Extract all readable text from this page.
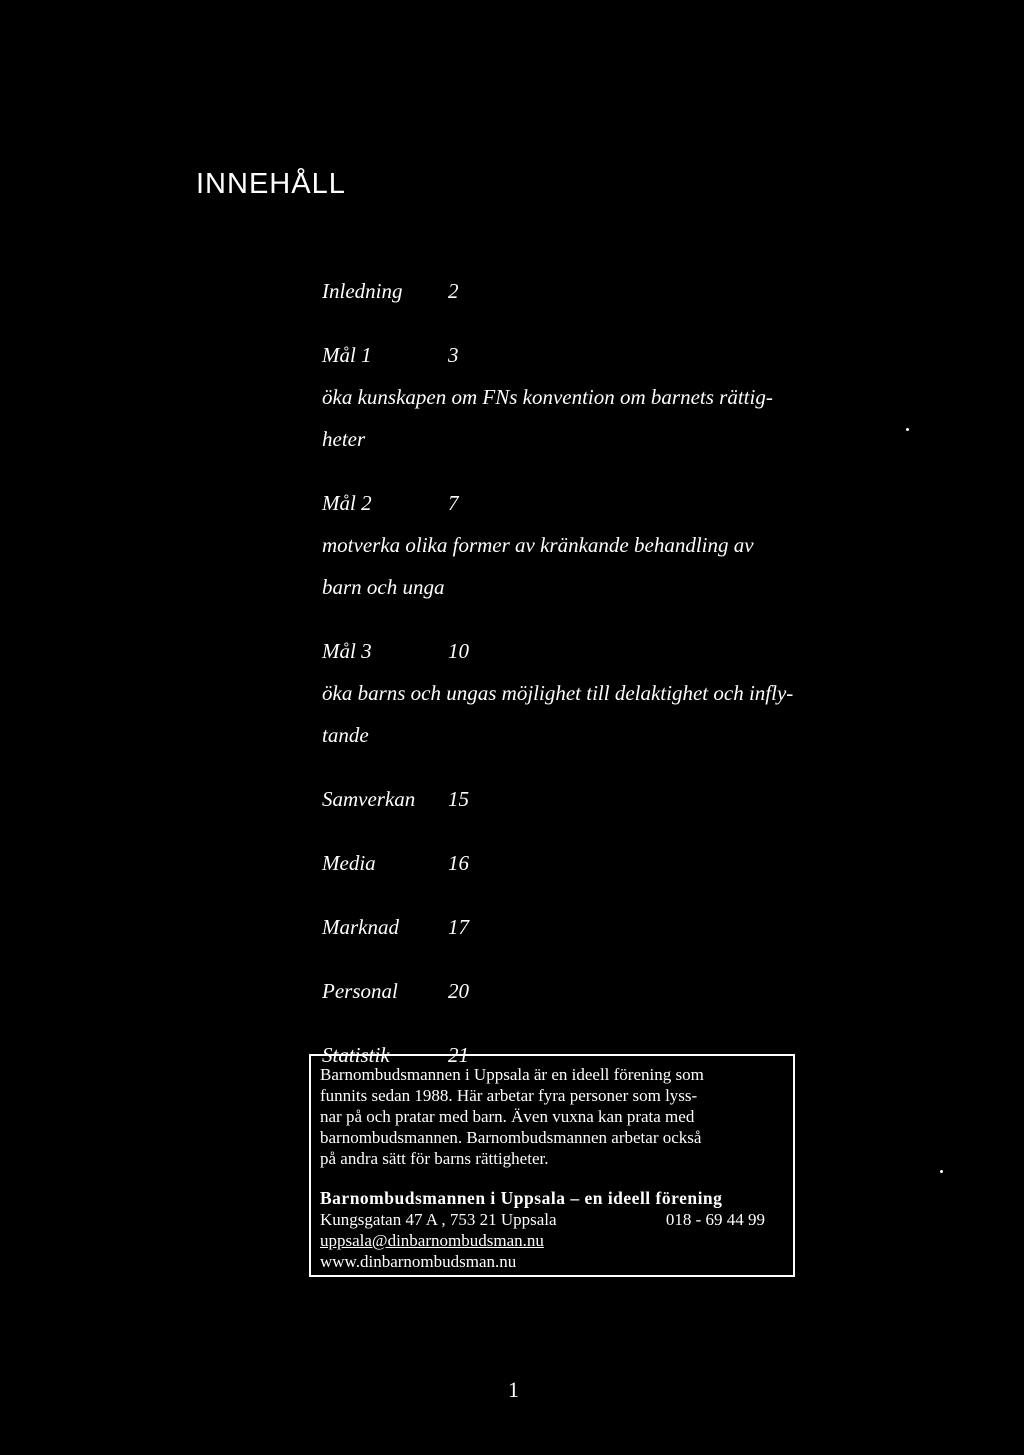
INNEHÅLL
Inledning	2
Mål 1	3
öka kunskapen om FNs konvention om barnets rättig-
heter
Mål 2	7
motverka olika former av kränkande behandling av
barn och unga
Mål 3	10
öka barns och ungas möjlighet till delaktighet och infly-
tande
Samverkan	15
Media	16
Marknad	17
Personal	20
Statistik	21

Barnombudsmannen i Uppsala är en ideell förening som

funnits sedan 1988. Här arbetar fyra personer som lyss-

nar på och pratar med barn. Även vuxna kan prata med

barnombudsmannen. Barnombudsmannen arbetar också

på andra sätt för barns rättigheter.

Barnombudsmannen i Uppsala – en ideell förening

Kungsgatan 47 A , 753 21 Uppsala	018 - 69 44 99

uppsala@dinbarnombudsman.nu

www.dinbarnombudsman.nu

1
